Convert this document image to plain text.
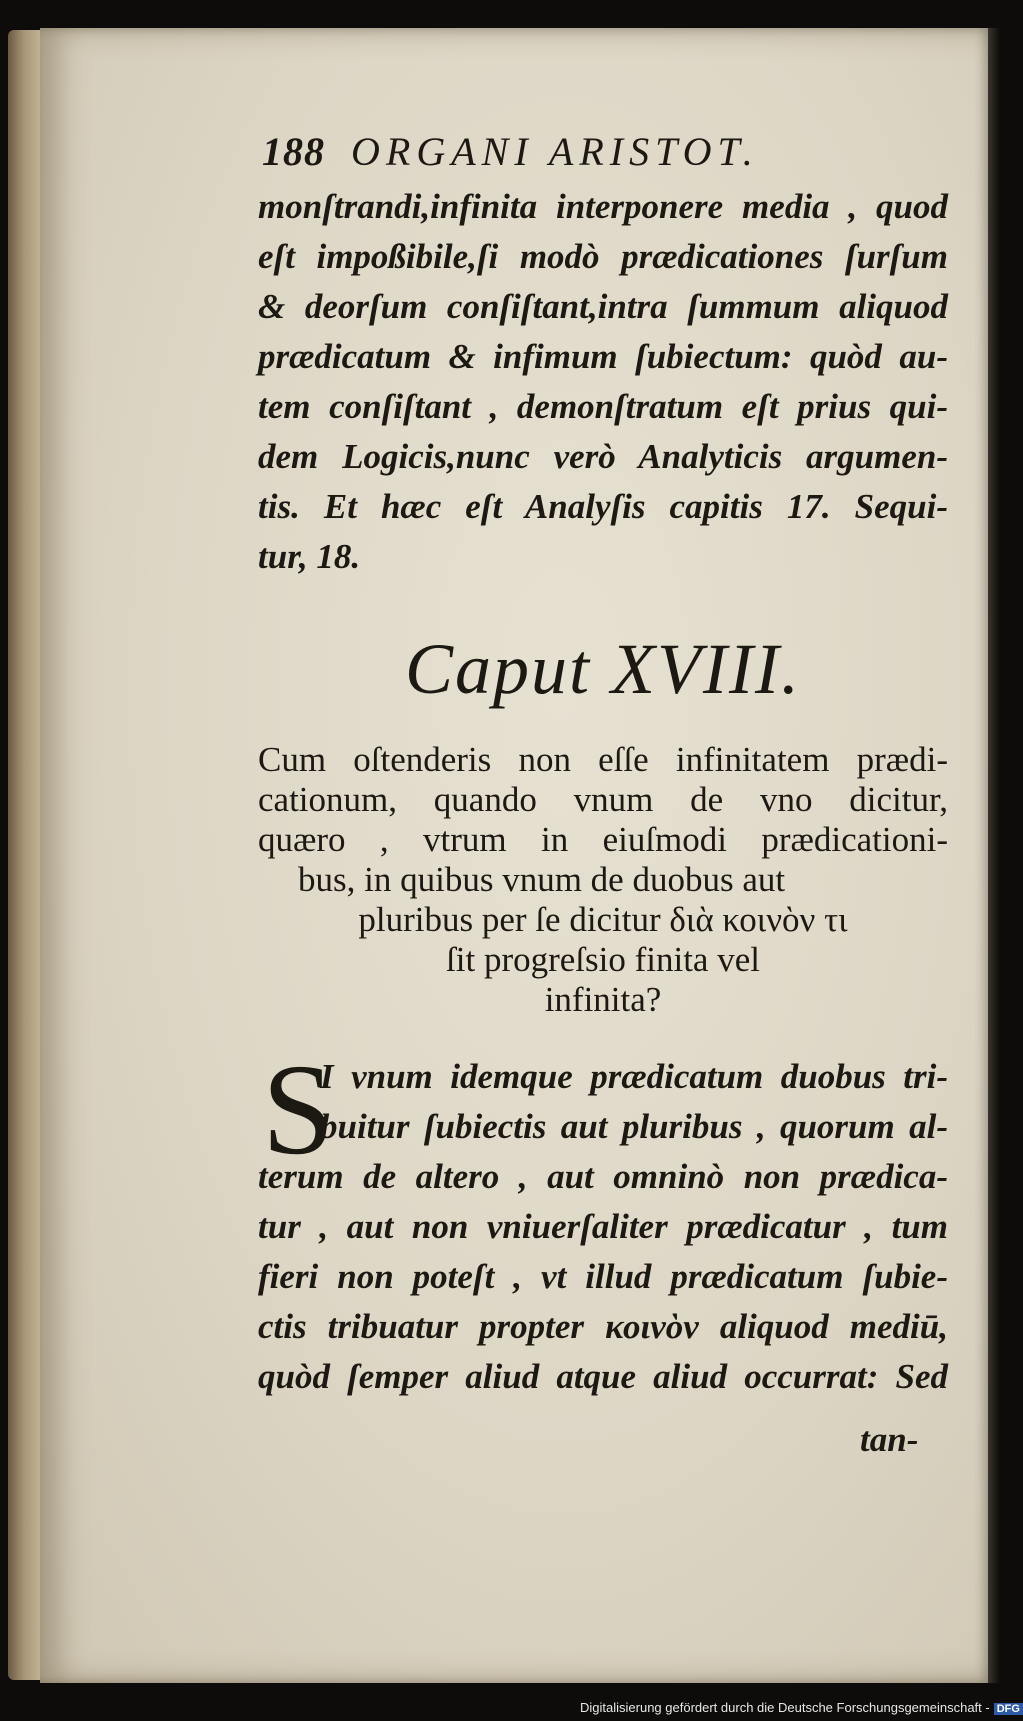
188 ORGANI ARISTOT.
monſtrandi,infinita interponere media , quod
eſt impoßibile,ſi modò prædicationes ſurſum
& deorſum conſiſtant,intra ſummum aliquod
prædicatum & infimum ſubiectum: quòd au-
tem conſiſtant , demonſtratum eſt prius qui-
dem Logicis,nunc verò Analyticis argumen-
tis. Et hæc eſt Analyſis capitis 17. Sequi-
tur, 18.
Caput XVIII.
Cum oſtenderis non eſſe infinitatem prædi-
cationum, quando vnum de vno dicitur,
quæro , vtrum in eiuſmodi prædicationi-
bus, in quibus vnum de duobus aut
pluribus per ſe dicitur διὰ κοινὸν τι
ſit progreſsio finita vel
infinita?
S
I vnum idemque prædicatum duobus tri-
buitur ſubiectis aut pluribus , quorum al-
terum de altero , aut omninò non prædica-
tur , aut non vniuerſaliter prædicatur , tum
fieri non poteſt , vt illud prædicatum ſubie-
ctis tribuatur propter κοινὸν aliquod mediū,
quòd ſemper aliud atque aliud occurrat: Sed
tan-
Digitalisierung gefördert durch die Deutsche Forschungsgemeinschaft - DFG
